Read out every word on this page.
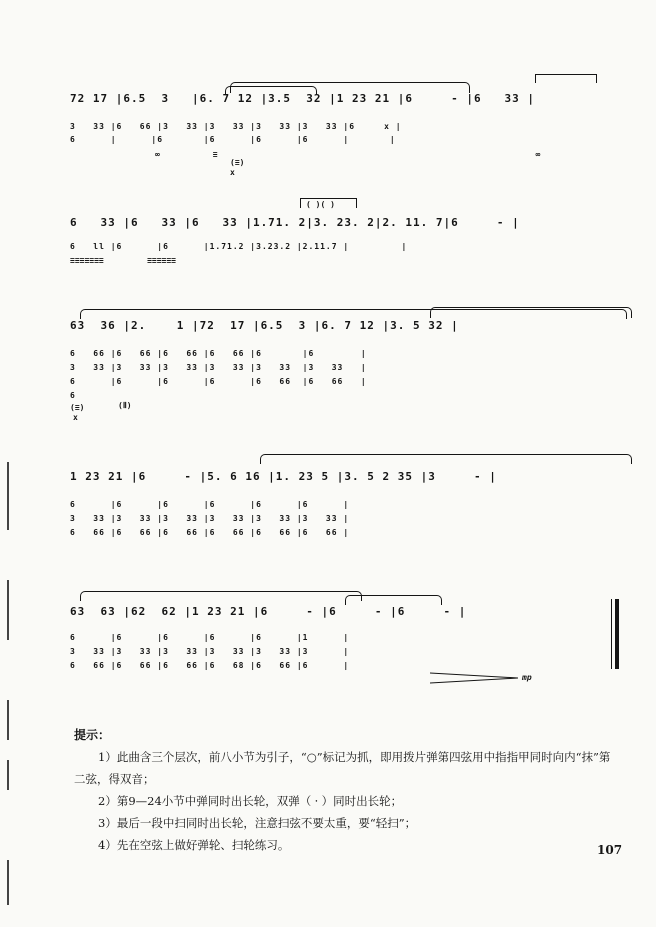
72 17 |6.5  3   |6. 7 12 |3.5  32 |1 23 21 |6     - |6   33 |
3   33 |6   66 |3   33 |3   33 |3   33 |3   33 |6     x |
6      |      |6       |6      |6      |6      |       |
∞           ≡                                                                  ∞
(≡)
x
( )( )
6   33 |6   33 |6   33 |1.71. 2|3. 23. 2|2. 11. 7|6     - |
6   ll |6      |6      |1.71.2 |3.23.2 |2.11.7 |         |
≡≡≡≡≡≡≡         ≡≡≡≡≡≡
63  36 |2.    1 |72  17 |6.5  3 |6. 7 12 |3. 5 32 |
6   66 |6   66 |6   66 |6   66 |6       |6        |
3   33 |3   33 |3   33 |3   33 |3   33  |3   33   |
6      |6      |6      |6      |6   66  |6   66   |
(Ⅱ)
6
(≡)
x
1 23 21 |6     - |5. 6 16 |1. 23 5 |3. 5 2 35 |3     - |
6      |6      |6      |6      |6      |6      |
3   33 |3   33 |3   33 |3   33 |3   33 |3   33 |
6   66 |6   66 |6   66 |6   66 |6   66 |6   66 |
63  63 |62  62 |1 23 21 |6     - |6     - |6     - |
6      |6      |6      |6      |6      |1      |
3   33 |3   33 |3   33 |3   33 |3   33 |3      |
6   66 |6   66 |6   66 |6   68 |6   66 |6      |
mp
提示：
1）此曲含三个层次，前八小节为引子，“○”标记为抓，即用拨片弹第四弦用中指指甲同时向内“抹”第二弦，得双音；
2）第9—24小节中弹同时出长轮，双弹（ ⸱ ）同时出长轮；
3）最后一段中扫同时出长轮，注意扫弦不要太重，要“轻扫”；
4）先在空弦上做好弹轮、扫轮练习。	107
